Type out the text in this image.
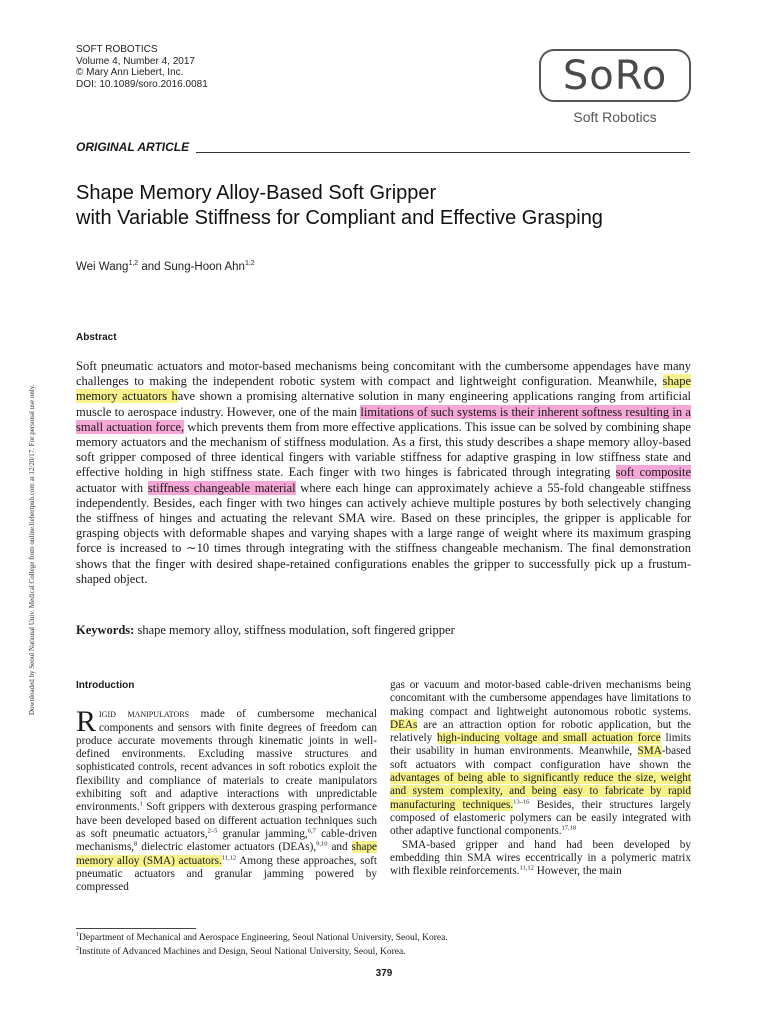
SOFT ROBOTICS
Volume 4, Number 4, 2017
© Mary Ann Liebert, Inc.
DOI: 10.1089/soro.2016.0081	SoRo
Soft Robotics
ORIGINAL ARTICLE
Shape Memory Alloy-Based Soft Gripper
with Variable Stiffness for Compliant and Effective Grasping
Wei Wang$^{1,2}$ and Sung-Hoon Ahn$^{1,2}$
Downloaded by Seoul National Univ. Medical College from online.liebertpub.com at 12/20/17. For personal use only.
Abstract
Soft pneumatic actuators and motor-based mechanisms being concomitant with the cumbersome appendages have many challenges to making the independent robotic system with compact and lightweight configuration. Meanwhile, shape memory actuators have shown a promising alternative solution in many engineering applications ranging from artificial muscle to aerospace industry. However, one of the main limitations of such systems is their inherent softness resulting in a small actuation force, which prevents them from more effective applications. This issue can be solved by combining shape memory actuators and the mechanism of stiffness modulation. As a first, this study describes a shape memory alloy-based soft gripper composed of three identical fingers with variable stiffness for adaptive grasping in low stiffness state and effective holding in high stiffness state. Each finger with two hinges is fabricated through integrating soft composite actuator with stiffness changeable material where each hinge can approximately achieve a 55-fold changeable stiffness independently. Besides, each finger with two hinges can actively achieve multiple postures by both selectively changing the stiffness of hinges and actuating the relevant SMA wire. Based on these principles, the gripper is applicable for grasping objects with deformable shapes and varying shapes with a large range of weight where its maximum grasping force is increased to ∼10 times through integrating with the stiffness changeable mechanism. The final demonstration shows that the finger with desired shape-retained configurations enables the gripper to successfully pick up a frustum-shaped object.
Keywords: shape memory alloy, stiffness modulation, soft fingered gripper
Introduction
Rigid manipulators made of cumbersome mechanical components and sensors with finite degrees of freedom can produce accurate movements through kinematic joints in well-defined environments. Excluding massive structures and sophisticated controls, recent advances in soft robotics exploit the flexibility and compliance of materials to create manipulators exhibiting soft and adaptive interactions with unpredictable environments.$^1$ Soft grippers with dexterous grasping performance have been developed based on different actuation techniques such as soft pneumatic actuators,$^{2-5}$ granular jamming,$^{6,7}$ cable-driven mechanisms,$^8$ dielectric elastomer actuators (DEAs),$^{9,10}$ and shape memory alloy (SMA) actuators.$^{11,12}$ Among these approaches, soft pneumatic actuators and granular jamming powered by compressed
gas or vacuum and motor-based cable-driven mechanisms being concomitant with the cumbersome appendages have limitations to making compact and lightweight autonomous robotic systems. DEAs are an attraction option for robotic application, but the relatively high-inducing voltage and small actuation force limits their usability in human environments. Meanwhile, SMA-based soft actuators with compact configuration have shown the advantages of being able to significantly reduce the size, weight and system complexity, and being easy to fabricate by rapid manufacturing techniques.$^{13-16}$ Besides, their structures largely composed of elastomeric polymers can be easily integrated with other adaptive functional components.$^{17,18}$
SMA-based gripper and hand had been developed by embedding thin SMA wires eccentrically in a polymeric matrix with flexible reinforcements.$^{11,12}$ However, the main
$^1$Department of Mechanical and Aerospace Engineering, Seoul National University, Seoul, Korea.
$^2$Institute of Advanced Machines and Design, Seoul National University, Seoul, Korea.
379
